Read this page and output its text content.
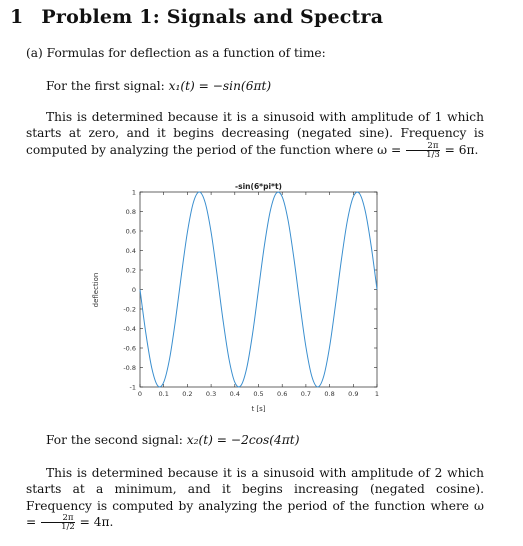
1 Problem 1: Signals and Spectra
(a) Formulas for deflection as a function of time:
For the first signal: x₁(t) = −sin(6πt)
This is determined because it is a sinusoid with amplitude of 1 which starts at zero, and it begins decreasing (negated sine). Frequency is computed by analyzing the period of the function where $\omega = \frac{2\pi}{1/3} = 6\pi$.
0	0.1 0.2 0.3 0.4 0.5 0.6 0.7 0.8 0.9	1
-1
-0.8
-0.6
-0.4
-0.2
0
0.2
0.4
0.6
0.8
1
-sin(6*pi*t)
t [s]
deflection
For the second signal: x₂(t) = −2cos(4πt)
This is determined because it is a sinusoid with amplitude of 2 which starts at a minimum, and it begins increasing (negated cosine). Frequency is computed by analyzing the period of the function where $\omega = \frac{2\pi}{1/2} = 4\pi$.
